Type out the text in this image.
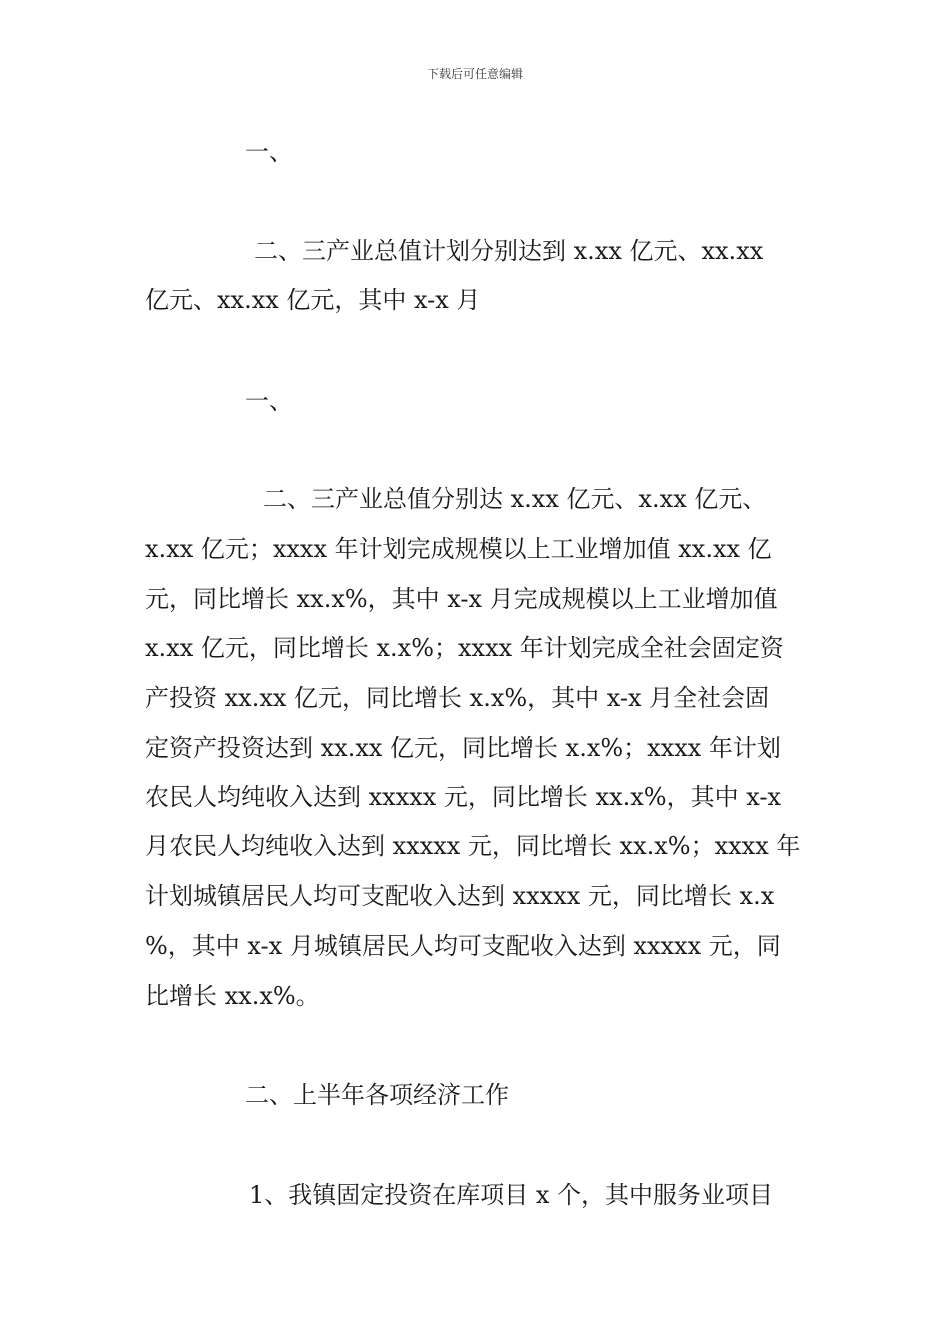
下载后可任意编辑
一、
二、三产业总值计划分别达到 x.xx 亿元、xx.xx
亿元、xx.xx 亿元，其中 x-x 月
一、
二、三产业总值分别达 x.xx 亿元、x.xx 亿元、
x.xx 亿元；xxxx 年计划完成规模以上工业增加值 xx.xx 亿
元，同比增长 xx.x%，其中 x-x 月完成规模以上工业增加值
x.xx 亿元，同比增长 x.x%；xxxx 年计划完成全社会固定资
产投资 xx.xx 亿元，同比增长 x.x%，其中 x-x 月全社会固
定资产投资达到 xx.xx 亿元，同比增长 x.x%；xxxx 年计划
农民人均纯收入达到 xxxxx 元，同比增长 xx.x%，其中 x-x
月农民人均纯收入达到 xxxxx 元，同比增长 xx.x%；xxxx 年
计划城镇居民人均可支配收入达到 xxxxx 元，同比增长 x.x
%，其中 x-x 月城镇居民人均可支配收入达到 xxxxx 元，同
比增长 xx.x%。
二、上半年各项经济工作
1、我镇固定投资在库项目 x 个，其中服务业项目
